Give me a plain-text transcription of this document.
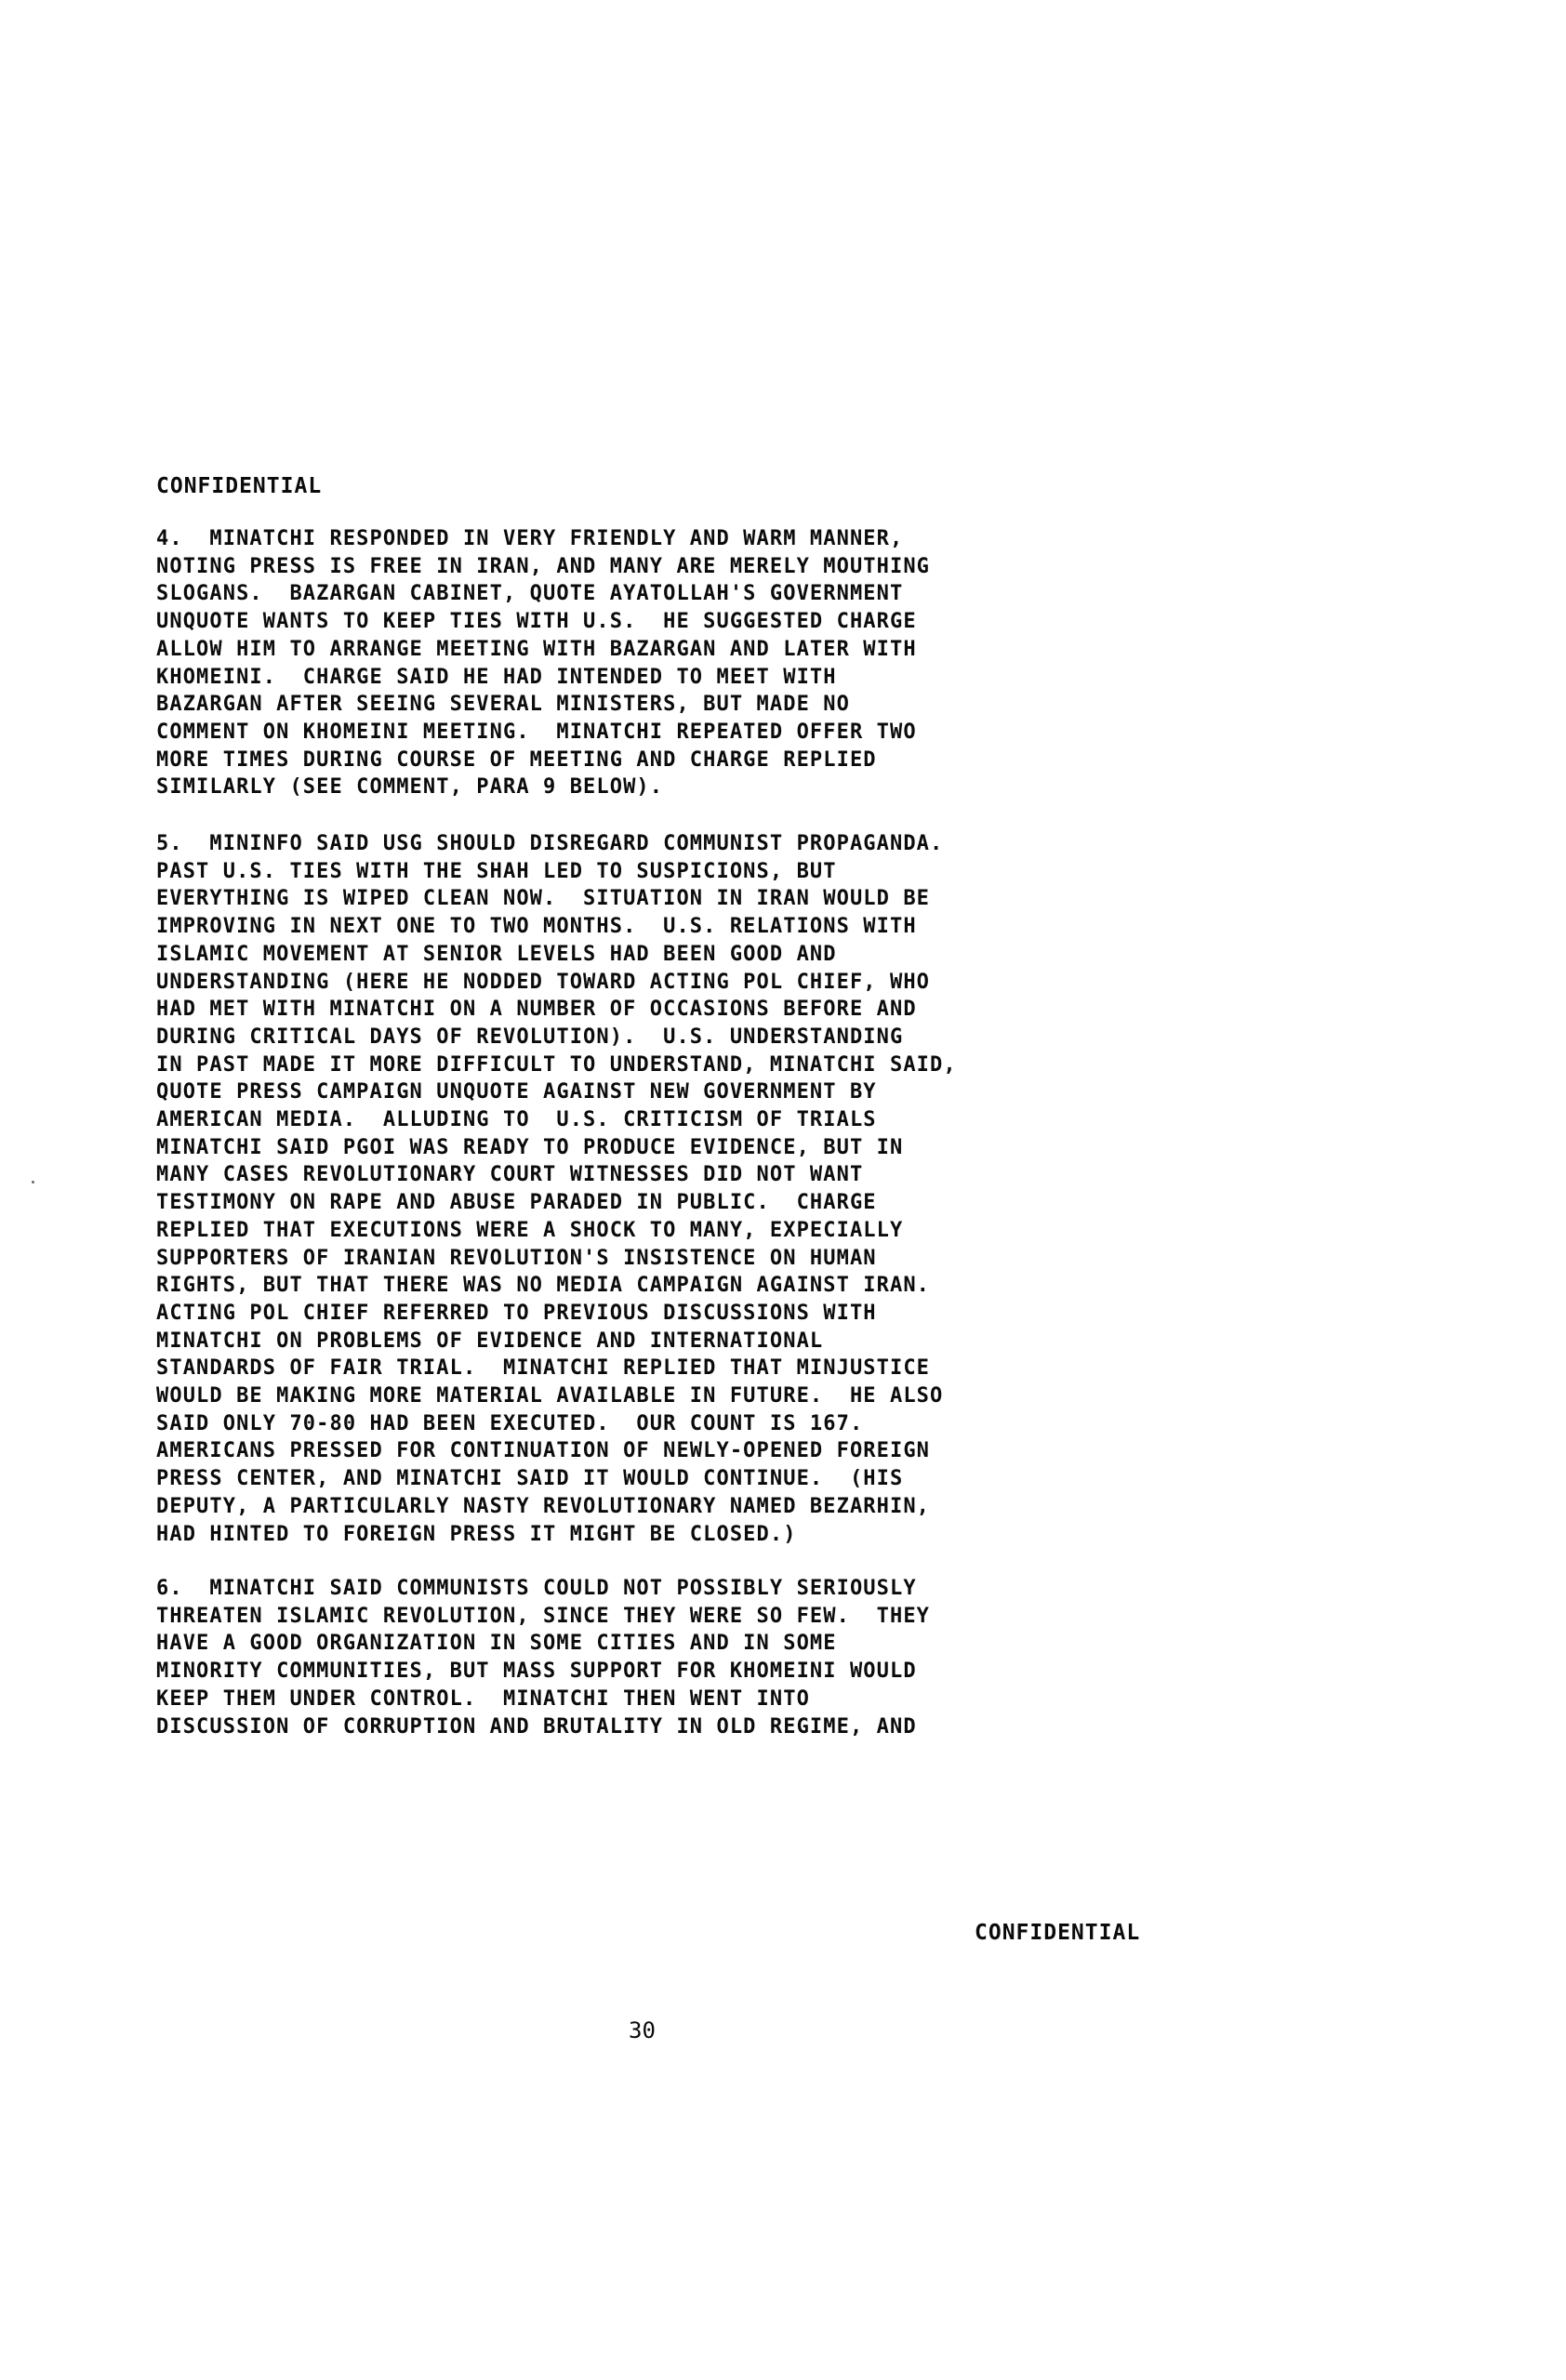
CONFIDENTIAL
4.  MINATCHI RESPONDED IN VERY FRIENDLY AND WARM MANNER,
NOTING PRESS IS FREE IN IRAN, AND MANY ARE MERELY MOUTHING
SLOGANS.  BAZARGAN CABINET, QUOTE AYATOLLAH'S GOVERNMENT
UNQUOTE WANTS TO KEEP TIES WITH U.S.  HE SUGGESTED CHARGE
ALLOW HIM TO ARRANGE MEETING WITH BAZARGAN AND LATER WITH
KHOMEINI.  CHARGE SAID HE HAD INTENDED TO MEET WITH
BAZARGAN AFTER SEEING SEVERAL MINISTERS, BUT MADE NO
COMMENT ON KHOMEINI MEETING.  MINATCHI REPEATED OFFER TWO
MORE TIMES DURING COURSE OF MEETING AND CHARGE REPLIED
SIMILARLY (SEE COMMENT, PARA 9 BELOW).
5.  MININFO SAID USG SHOULD DISREGARD COMMUNIST PROPAGANDA.
PAST U.S. TIES WITH THE SHAH LED TO SUSPICIONS, BUT
EVERYTHING IS WIPED CLEAN NOW.  SITUATION IN IRAN WOULD BE
IMPROVING IN NEXT ONE TO TWO MONTHS.  U.S. RELATIONS WITH
ISLAMIC MOVEMENT AT SENIOR LEVELS HAD BEEN GOOD AND
UNDERSTANDING (HERE HE NODDED TOWARD ACTING POL CHIEF, WHO
HAD MET WITH MINATCHI ON A NUMBER OF OCCASIONS BEFORE AND
DURING CRITICAL DAYS OF REVOLUTION).  U.S. UNDERSTANDING
IN PAST MADE IT MORE DIFFICULT TO UNDERSTAND, MINATCHI SAID,
QUOTE PRESS CAMPAIGN UNQUOTE AGAINST NEW GOVERNMENT BY
AMERICAN MEDIA.  ALLUDING TO  U.S. CRITICISM OF TRIALS
MINATCHI SAID PGOI WAS READY TO PRODUCE EVIDENCE, BUT IN
MANY CASES REVOLUTIONARY COURT WITNESSES DID NOT WANT
TESTIMONY ON RAPE AND ABUSE PARADED IN PUBLIC.  CHARGE
REPLIED THAT EXECUTIONS WERE A SHOCK TO MANY, EXPECIALLY
SUPPORTERS OF IRANIAN REVOLUTION'S INSISTENCE ON HUMAN
RIGHTS, BUT THAT THERE WAS NO MEDIA CAMPAIGN AGAINST IRAN.
ACTING POL CHIEF REFERRED TO PREVIOUS DISCUSSIONS WITH
MINATCHI ON PROBLEMS OF EVIDENCE AND INTERNATIONAL
STANDARDS OF FAIR TRIAL.  MINATCHI REPLIED THAT MINJUSTICE
WOULD BE MAKING MORE MATERIAL AVAILABLE IN FUTURE.  HE ALSO
SAID ONLY 70-80 HAD BEEN EXECUTED.  OUR COUNT IS 167.
AMERICANS PRESSED FOR CONTINUATION OF NEWLY-OPENED FOREIGN
PRESS CENTER, AND MINATCHI SAID IT WOULD CONTINUE.  (HIS
DEPUTY, A PARTICULARLY NASTY REVOLUTIONARY NAMED BEZARHIN,
HAD HINTED TO FOREIGN PRESS IT MIGHT BE CLOSED.)
6.  MINATCHI SAID COMMUNISTS COULD NOT POSSIBLY SERIOUSLY
THREATEN ISLAMIC REVOLUTION, SINCE THEY WERE SO FEW.  THEY
HAVE A GOOD ORGANIZATION IN SOME CITIES AND IN SOME
MINORITY COMMUNITIES, BUT MASS SUPPORT FOR KHOMEINI WOULD
KEEP THEM UNDER CONTROL.  MINATCHI THEN WENT INTO
DISCUSSION OF CORRUPTION AND BRUTALITY IN OLD REGIME, AND
CONFIDENTIAL
30
